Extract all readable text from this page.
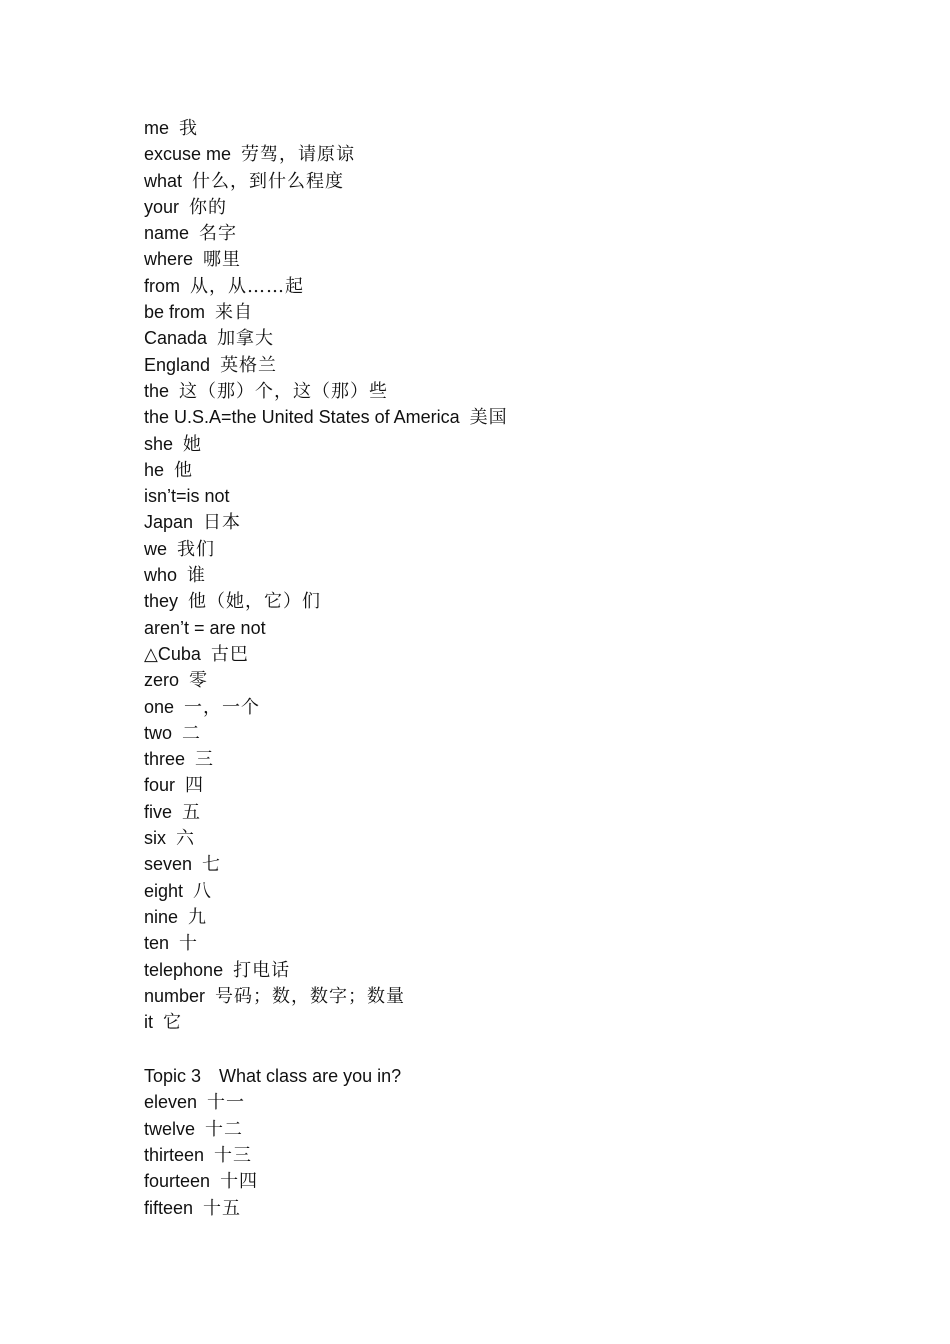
me 我
excuse me 劳驾，请原谅
what 什么，到什么程度
your 你的
name 名字
where 哪里
from 从，从……起
be from 来自
Canada 加拿大
England 英格兰
the 这（那）个，这（那）些
the U.S.A=the United States of America 美国
she 她
he 他
isn’t=is not
Japan 日本
we 我们
who 谁
they 他（她，它）们
aren’t = are not
△Cuba 古巴
zero 零
one 一，一个
two 二
three 三
four 四
five 五
six 六
seven 七
eight 八
nine 九
ten 十
telephone 打电话
number 号码；数，数字；数量
it 它
Topic 3 What class are you in?
eleven 十一
twelve 十二
thirteen 十三
fourteen 十四
fifteen 十五
